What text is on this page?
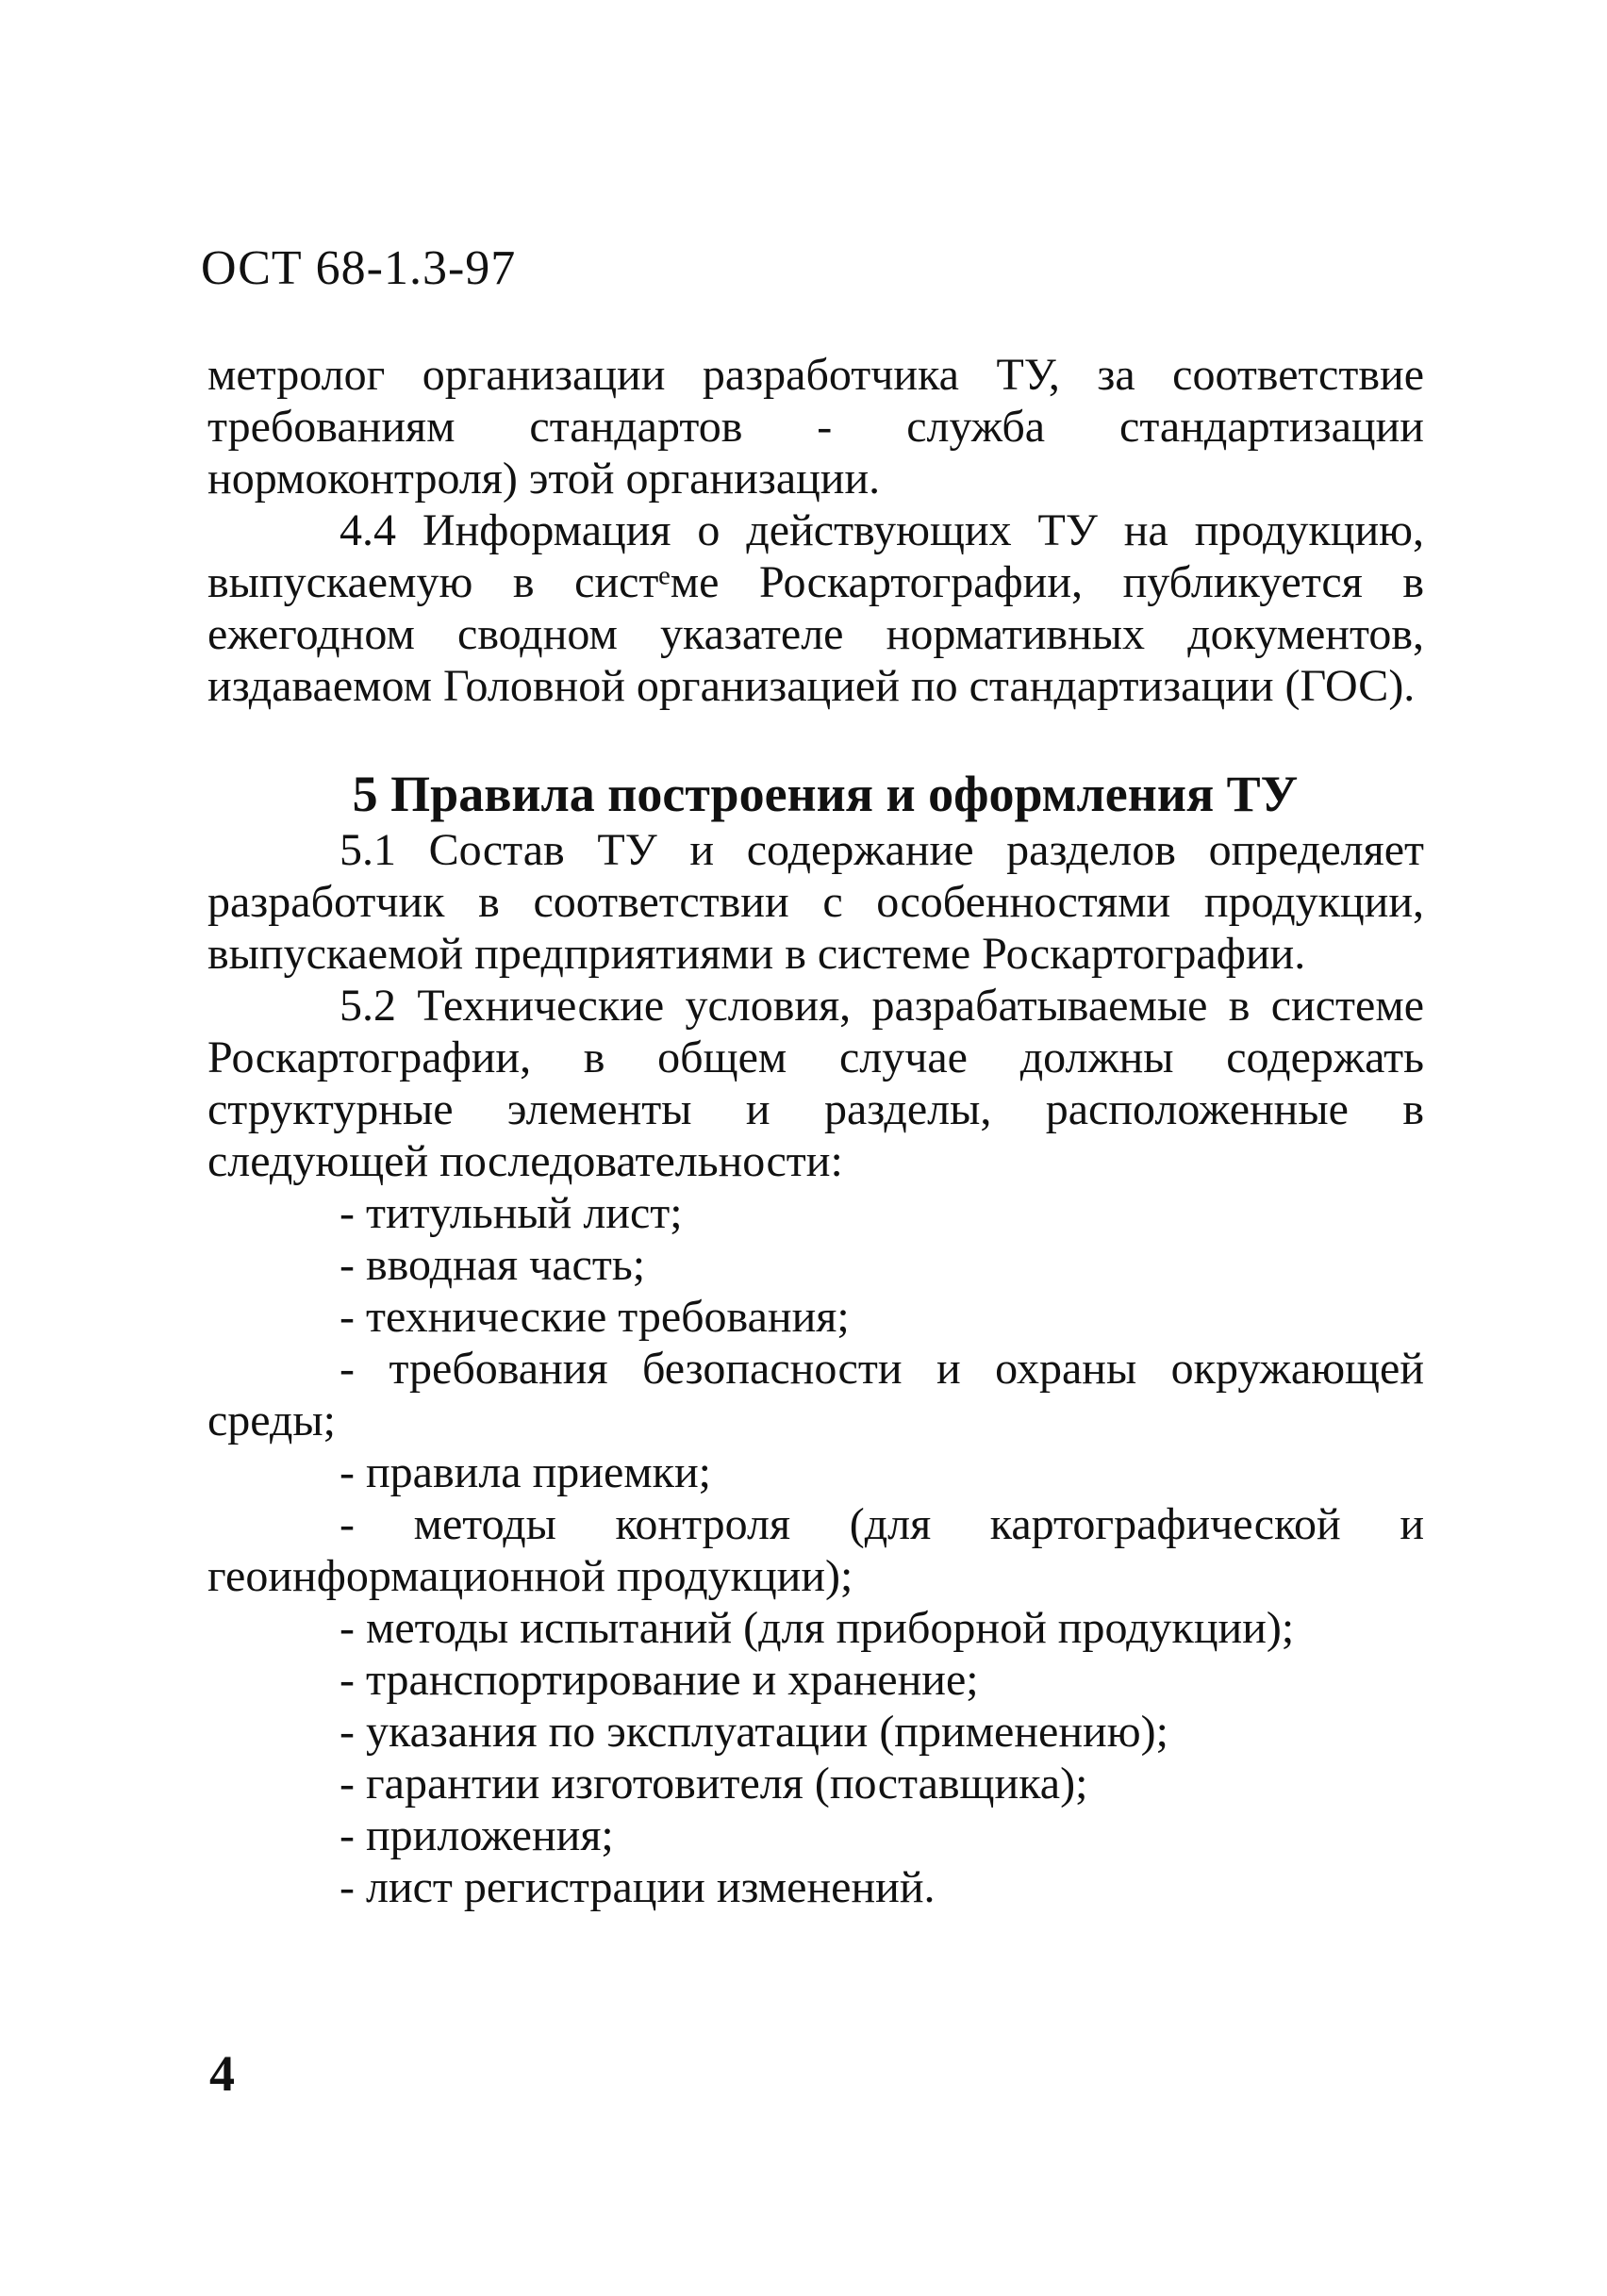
ОСТ 68-1.3-97

метролог организации разработчика ТУ, за соответствие требованиям стандартов - служба стандартизации нормоконтроля) этой организации.

4.4 Информация о действующих ТУ на продукцию, выпускаемую в систᵉме Роскартографии, публикуется в ежегодном сводном указателе нормативных документов, издаваемом Головной организацией по стандартизации (ГОС).

5 Правила построения и оформления ТУ

5.1 Состав ТУ и содержание разделов определяет разработчик в соответствии с особенностями продукции, выпускаемой предприятиями в системе Роскартографии.

5.2 Технические условия, разрабатываемые в системе Роскартографии, в общем случае должны содержать структурные элементы и разделы, расположенные в следующей последовательности:

- титульный лист;
- вводная часть;
- технические требования;
- требования безопасности и охраны окружающей среды;
- правила приемки;
- методы контроля (для картографической и геоинформационной продукции);
- методы испытаний (для приборной продукции);
- транспортирование и хранение;
- указания по эксплуатации (применению);
- гарантии изготовителя (поставщика);
- приложения;
- лист регистрации изменений.
4
